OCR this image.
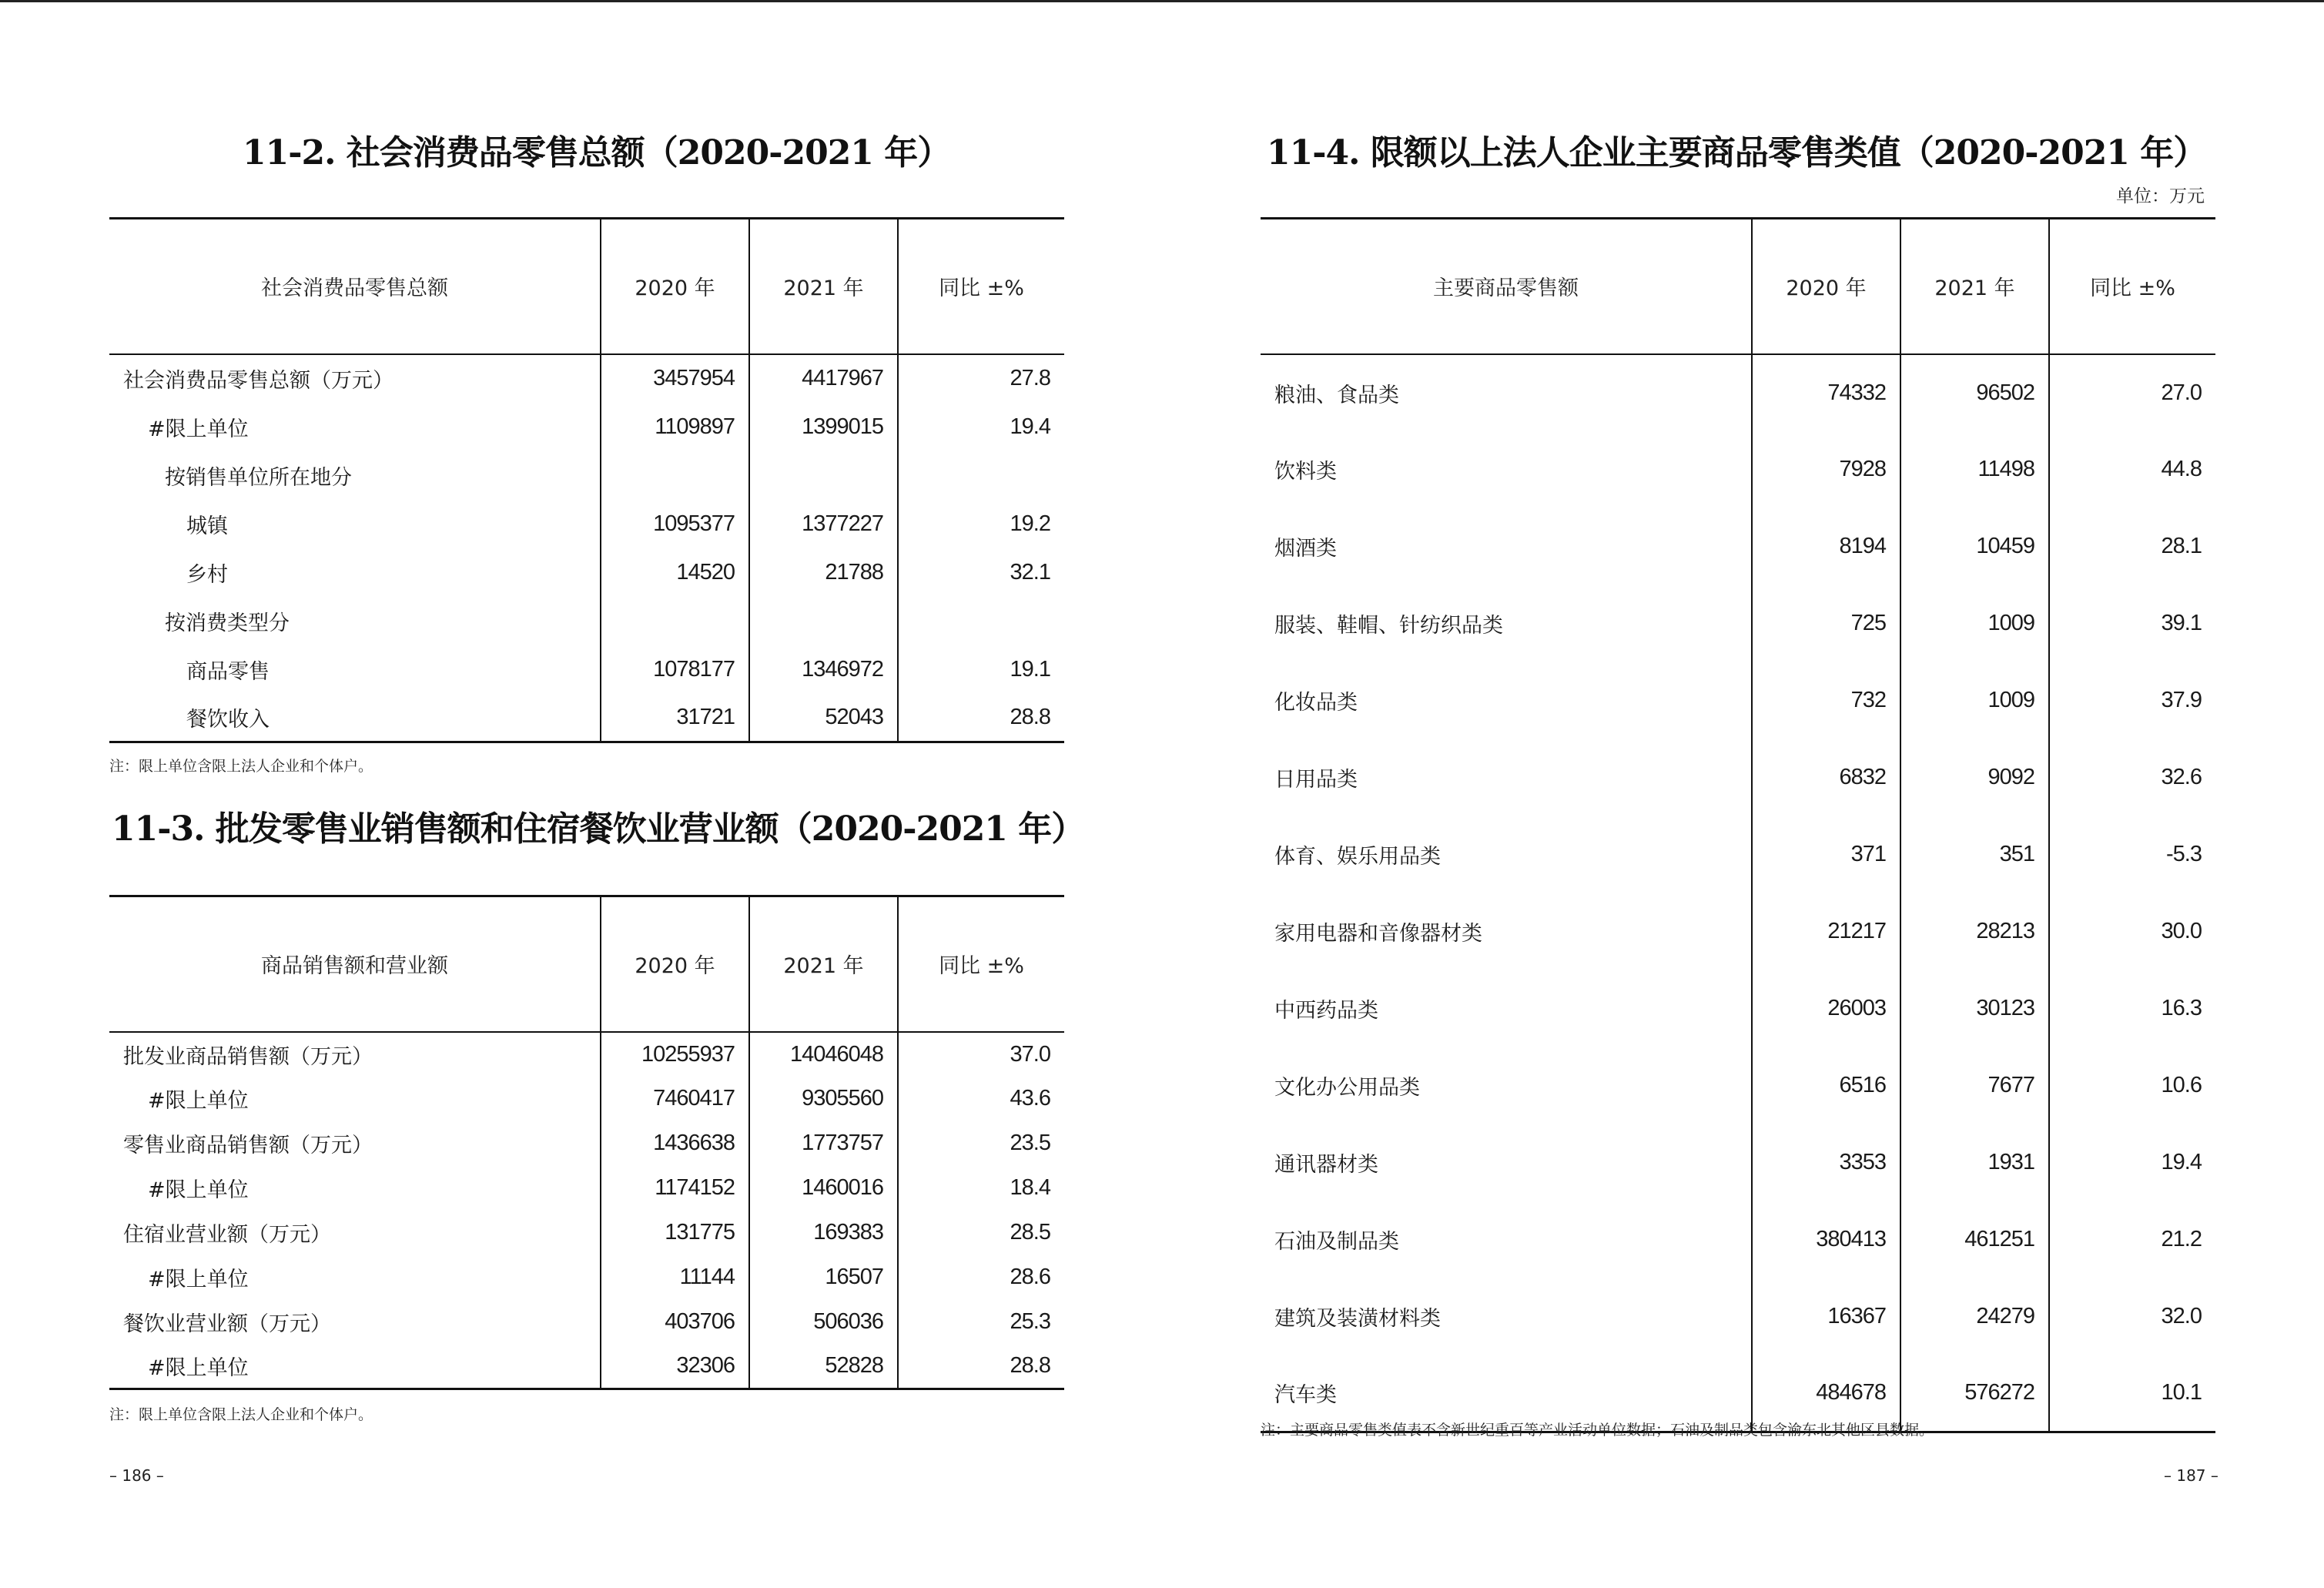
11-2. 社会消费品零售总额（2020-2021 年）
社会消费品零售总额	2020 年	2021 年	同比 ±%
社会消费品零售总额（万元）	3457954	4417967	27.8
#限上单位	1109897	1399015	19.4
按销售单位所在地分			
城镇	1095377	1377227	19.2
乡村	14520	21788	32.1
按消费类型分			
商品零售	1078177	1346972	19.1
餐饮收入	31721	52043	28.8
注：限上单位含限上法人企业和个体户。
11-3. 批发零售业销售额和住宿餐饮业营业额（2020-2021 年）
商品销售额和营业额	2020 年	2021 年	同比 ±%
批发业商品销售额（万元）	10255937	14046048	37.0
#限上单位	7460417	9305560	43.6
零售业商品销售额（万元）	1436638	1773757	23.5
#限上单位	1174152	1460016	18.4
住宿业营业额（万元）	131775	169383	28.5
#限上单位	11144	16507	28.6
餐饮业营业额（万元）	403706	506036	25.3
#限上单位	32306	52828	28.8
注：限上单位含限上法人企业和个体户。
– 186 –
11-4. 限额以上法人企业主要商品零售类值（2020-2021 年）
单位：万元
主要商品零售额	2020 年	2021 年	同比 ±%
粮油、食品类	74332	96502	27.0
饮料类	7928	11498	44.8
烟酒类	8194	10459	28.1
服装、鞋帽、针纺织品类	725	1009	39.1
化妆品类	732	1009	37.9
日用品类	6832	9092	32.6
体育、娱乐用品类	371	351	-5.3
家用电器和音像器材类	21217	28213	30.0
中西药品类	26003	30123	16.3
文化办公用品类	6516	7677	10.6
通讯器材类	3353	1931	19.4
石油及制品类	380413	461251	21.2
建筑及装潢材料类	16367	24279	32.0
汽车类	484678	576272	10.1
注：主要商品零售类值表不含新世纪重百等产业活动单位数据；石油及制品类包含渝东北其他区县数据。
– 187 –
